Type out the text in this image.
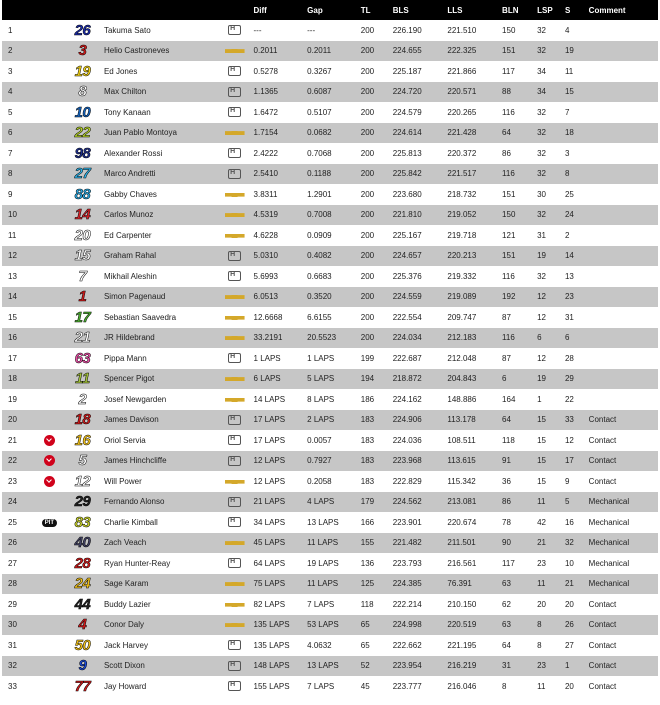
					Diff	Gap	TL	BLS	LLS	BLN	LSP	S	Comment
1		26	Takuma Sato	H	---	---	200	226.190	221.510	150	32	4	
2		3	Helio Castroneves		0.2011	0.2011	200	224.655	222.325	151	32	19	
3		19	Ed Jones	H	0.5278	0.3267	200	225.187	221.866	117	34	11	
4		8	Max Chilton	H	1.1365	0.6087	200	224.720	220.571	88	34	15	
5		10	Tony Kanaan	H	1.6472	0.5107	200	224.579	220.265	116	32	7	
6		22	Juan Pablo Montoya		1.7154	0.0682	200	224.614	221.428	64	32	18	
7		98	Alexander Rossi	H	2.4222	0.7068	200	225.813	220.372	86	32	3	
8		27	Marco Andretti	H	2.5410	0.1188	200	225.842	221.517	116	32	8	
9		88	Gabby Chaves		3.8311	1.2901	200	223.680	218.732	151	30	25	
10		14	Carlos Munoz		4.5319	0.7008	200	221.810	219.052	150	32	24	
11		20	Ed Carpenter		4.6228	0.0909	200	225.167	219.718	121	31	2	
12		15	Graham Rahal	H	5.0310	0.4082	200	224.657	220.213	151	19	14	
13		7	Mikhail Aleshin	H	5.6993	0.6683	200	225.376	219.332	116	32	13	
14		1	Simon Pagenaud		6.0513	0.3520	200	224.559	219.089	192	12	23	
15		17	Sebastian Saavedra		12.6668	6.6155	200	222.554	209.747	87	12	31	
16		21	JR Hildebrand		33.2191	20.5523	200	224.034	212.183	116	6	6	
17		63	Pippa Mann	H	1 LAPS	1 LAPS	199	222.687	212.048	87	12	28	
18		11	Spencer Pigot		6 LAPS	5 LAPS	194	218.872	204.843	6	19	29	
19		2	Josef Newgarden		14 LAPS	8 LAPS	186	224.162	148.886	164	1	22	
20		18	James Davison	H	17 LAPS	2 LAPS	183	224.906	113.178	64	15	33	Contact
21		16	Oriol Servia	H	17 LAPS	0.0057	183	224.036	108.511	118	15	12	Contact
22		5	James Hinchcliffe	H	12 LAPS	0.7927	183	223.968	113.615	91	15	17	Contact
23		12	Will Power		12 LAPS	0.2058	183	222.829	115.342	36	15	9	Contact
24		29	Fernando Alonso	H	21 LAPS	4 LAPS	179	224.562	213.081	86	11	5	Mechanical
25	PIT	83	Charlie Kimball	H	34 LAPS	13 LAPS	166	223.901	220.674	78	42	16	Mechanical
26		40	Zach Veach		45 LAPS	11 LAPS	155	221.482	211.501	90	21	32	Mechanical
27		28	Ryan Hunter-Reay	H	64 LAPS	19 LAPS	136	223.793	216.561	117	23	10	Mechanical
28		24	Sage Karam		75 LAPS	11 LAPS	125	224.385	76.391	63	11	21	Mechanical
29		44	Buddy Lazier		82 LAPS	7 LAPS	118	222.214	210.150	62	20	20	Contact
30		4	Conor Daly		135 LAPS	53 LAPS	65	224.998	220.519	63	8	26	Contact
31		50	Jack Harvey	H	135 LAPS	4.0632	65	222.662	221.195	64	8	27	Contact
32		9	Scott Dixon	H	148 LAPS	13 LAPS	52	223.954	216.219	31	23	1	Contact
33		77	Jay Howard	H	155 LAPS	7 LAPS	45	223.777	216.046	8	11	20	Contact
